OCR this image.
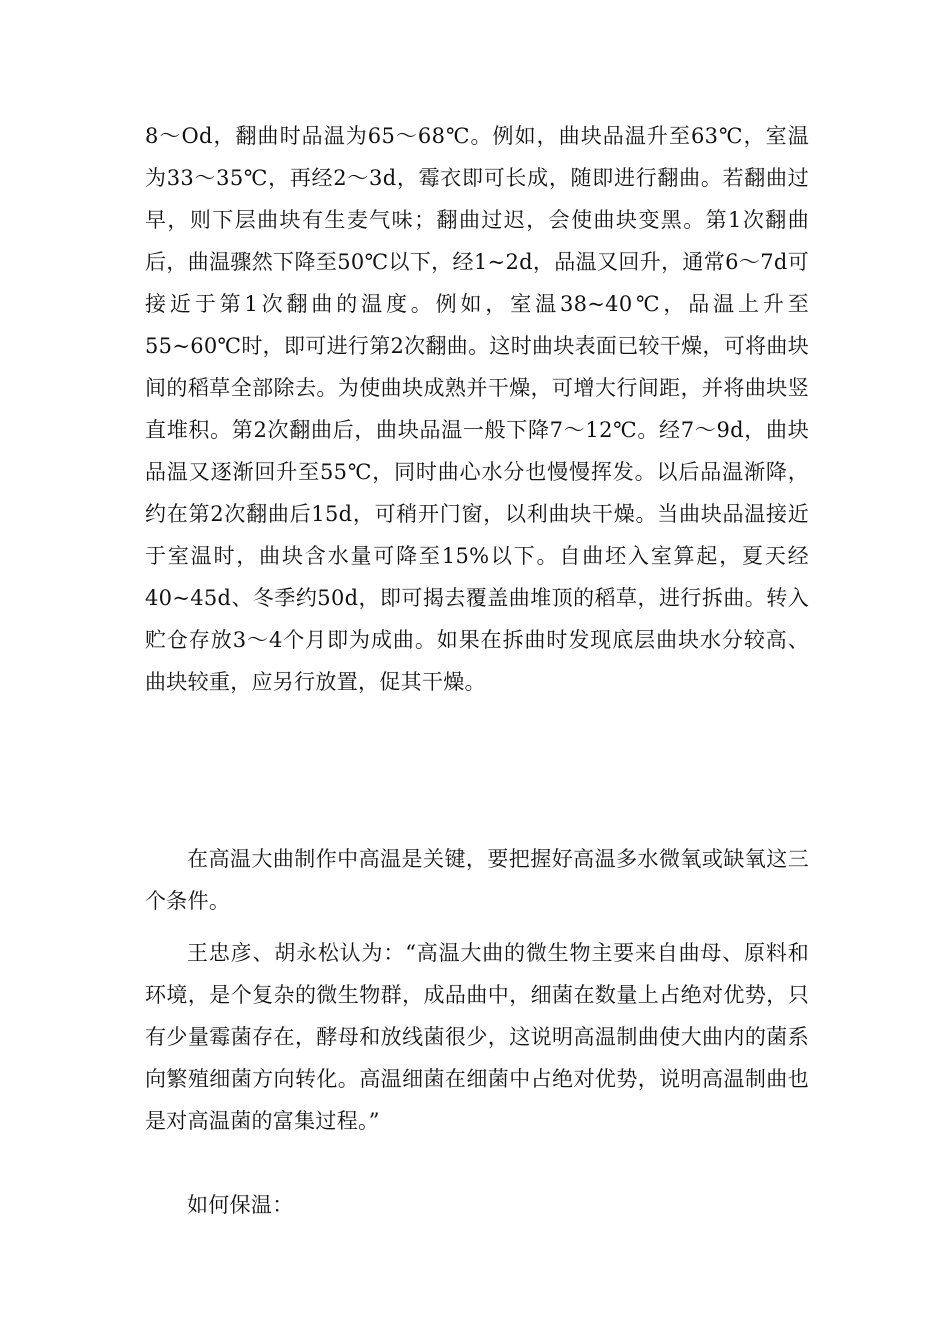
8～Od，翻曲时品温为65～68℃。例如，曲块品温升至63℃，室温为33～35℃，再经2～3d，霉衣即可长成，随即进行翻曲。若翻曲过早，则下层曲块有生麦气味；翻曲过迟，会使曲块变黑。第1次翻曲后，曲温骤然下降至50℃以下，经1~2d，品温又回升，通常6～7d可接近于第1次翻曲的温度。例如，室温38~40℃，品温上升至55~60℃时，即可进行第2次翻曲。这时曲块表面已较干燥，可将曲块间的稻草全部除去。为使曲块成熟并干燥，可增大行间距，并将曲块竖直堆积。第2次翻曲后，曲块品温一般下降7～12℃。经7～9d，曲块品温又逐渐回升至55℃，同时曲心水分也慢慢挥发。以后品温渐降，约在第2次翻曲后15d，可稍开门窗，以利曲块干燥。当曲块品温接近于室温时，曲块含水量可降至15%以下。自曲坯入室算起，夏天经40~45d、冬季约50d，即可揭去覆盖曲堆顶的稻草，进行拆曲。转入贮仓存放3～4个月即为成曲。如果在拆曲时发现底层曲块水分较高、曲块较重，应另行放置，促其干燥。

在高温大曲制作中高温是关键，要把握好高温多水微氧或缺氧这三个条件。

王忠彦、胡永松认为：“高温大曲的微生物主要来自曲母、原料和环境，是个复杂的微生物群，成品曲中，细菌在数量上占绝对优势，只有少量霉菌存在，酵母和放线菌很少，这说明高温制曲使大曲内的菌系向繁殖细菌方向转化。高温细菌在细菌中占绝对优势，说明高温制曲也是对高温菌的富集过程。”

如何保温：
